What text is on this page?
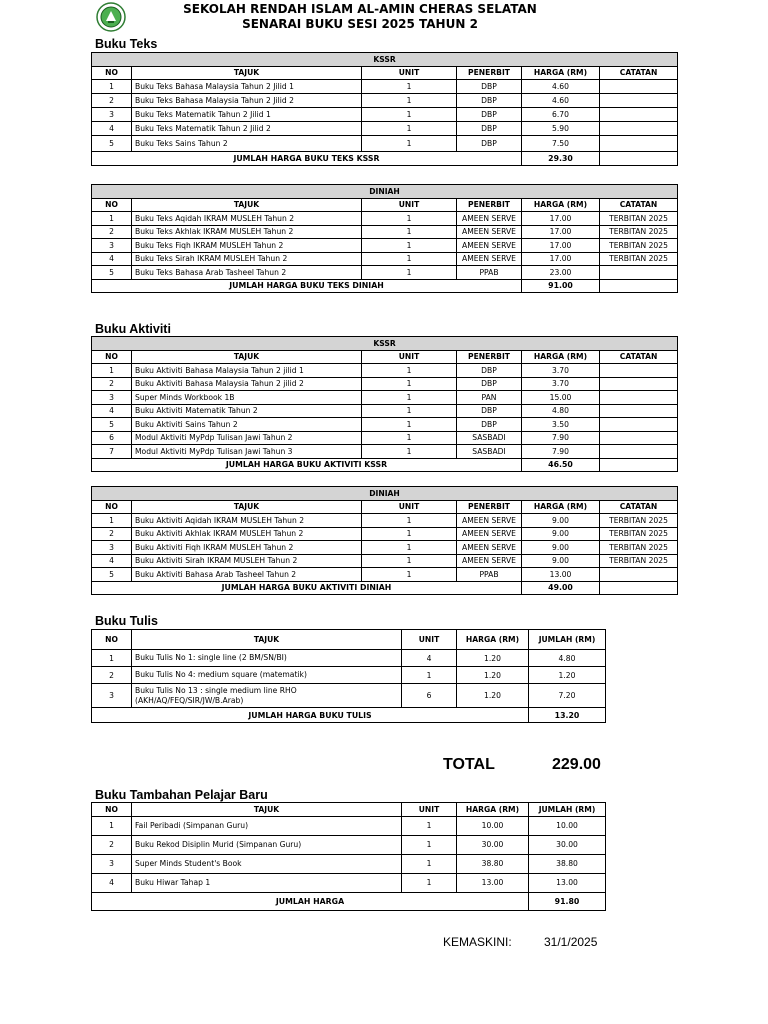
SEKOLAH RENDAH ISLAM AL-AMIN CHERAS SELATAN
SENARAI BUKU SESI 2025 TAHUN 2
Buku Teks
KSSR					
NO	TAJUK	UNIT	PENERBIT	HARGA (RM)	CATATAN
1	Buku Teks Bahasa Malaysia Tahun 2 Jilid 1	1	DBP	4.60	
2	Buku Teks Bahasa Malaysia Tahun 2 Jilid 2	1	DBP	4.60	
3	Buku Teks Matematik Tahun 2 Jilid 1	1	DBP	6.70	
4	Buku Teks Matematik Tahun 2 Jilid 2	1	DBP	5.90	
5	Buku Teks Sains Tahun 2	1	DBP	7.50	
JUMLAH HARGA BUKU TEKS KSSR				29.30	
DINIAH					
NO	TAJUK	UNIT	PENERBIT	HARGA (RM)	CATATAN
1	Buku Teks Aqidah IKRAM MUSLEH Tahun 2	1	AMEEN SERVE	17.00	TERBITAN 2025
2	Buku Teks Akhlak IKRAM MUSLEH Tahun 2	1	AMEEN SERVE	17.00	TERBITAN 2025
3	Buku Teks Fiqh IKRAM MUSLEH Tahun 2	1	AMEEN SERVE	17.00	TERBITAN 2025
4	Buku Teks Sirah IKRAM MUSLEH Tahun 2	1	AMEEN SERVE	17.00	TERBITAN 2025
5	Buku Teks Bahasa Arab Tasheel Tahun 2	1	PPAB	23.00	
JUMLAH HARGA BUKU TEKS DINIAH				91.00	
Buku Aktiviti
KSSR					
NO	TAJUK	UNIT	PENERBIT	HARGA (RM)	CATATAN
1	Buku Aktiviti Bahasa Malaysia Tahun 2 jilid 1	1	DBP	3.70	
2	Buku Aktiviti Bahasa Malaysia Tahun 2 jilid 2	1	DBP	3.70	
3	Super Minds Workbook 1B	1	PAN	15.00	
4	Buku Aktiviti Matematik Tahun 2	1	DBP	4.80	
5	Buku Aktiviti Sains Tahun 2	1	DBP	3.50	
6	Modul Aktiviti MyPdp Tulisan Jawi Tahun 2	1	SASBADI	7.90	
7	Modul Aktiviti MyPdp Tulisan Jawi Tahun 3	1	SASBADI	7.90	
JUMLAH HARGA BUKU AKTIVITI KSSR				46.50	
DINIAH					
NO	TAJUK	UNIT	PENERBIT	HARGA (RM)	CATATAN
1	Buku Aktiviti Aqidah IKRAM MUSLEH Tahun 2	1	AMEEN SERVE	9.00	TERBITAN 2025
2	Buku Aktiviti Akhlak IKRAM MUSLEH Tahun 2	1	AMEEN SERVE	9.00	TERBITAN 2025
3	Buku Aktiviti Fiqh IKRAM MUSLEH Tahun 2	1	AMEEN SERVE	9.00	TERBITAN 2025
4	Buku Aktiviti Sirah IKRAM MUSLEH Tahun 2	1	AMEEN SERVE	9.00	TERBITAN 2025
5	Buku Aktiviti Bahasa Arab Tasheel Tahun 2	1	PPAB	13.00	
JUMLAH HARGA BUKU AKTIVITI DINIAH				49.00	
Buku Tulis
NO	TAJUK	UNIT	HARGA (RM)	JUMLAH (RM)
1	Buku Tulis No 1: single line (2 BM/SN/BI)	4	1.20	4.80
2	Buku Tulis No 4: medium square (matematik)	1	1.20	1.20
3	Buku Tulis No 13 : single medium line RHO (AKH/AQ/FEQ/SIR/JW/B.Arab)	6	1.20	7.20
JUMLAH HARGA BUKU TULIS				13.20
TOTAL	229.00
Buku Tambahan Pelajar Baru
NO	TAJUK	UNIT	HARGA (RM)	JUMLAH (RM)
1	Fail Peribadi (Simpanan Guru)	1	10.00	10.00
2	Buku Rekod Disiplin Murid (Simpanan Guru)	1	30.00	30.00
3	Super Minds Student's Book	1	38.80	38.80
4	Buku Hiwar Tahap 1	1	13.00	13.00
JUMLAH HARGA				91.80
KEMASKINI:	31/1/2025
